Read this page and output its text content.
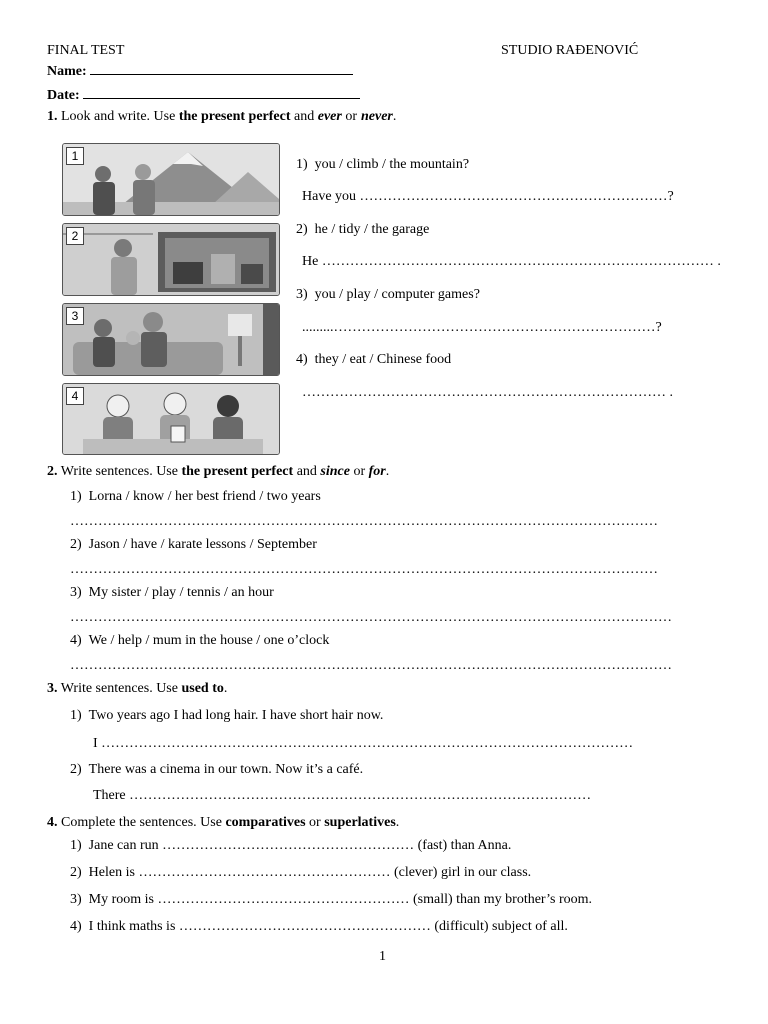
FINAL TEST	STUDIO RAĐENOVIĆ
Name:
Date:
1. Look and write. Use the present perfect and ever or never.
1
2
3
4
1) you / climb / the mountain?
Have you …………………………………………………………?
2) he / tidy / the garage
He ………………………………………………………………………… .
3) you / play / computer games?
.........……………………………………………………………?
4) they / eat / Chinese food
…………………………………………………………………… .
2. Write sentences. Use the present perfect and since or for.
1) Lorna / know / her best friend / two years
………………………………………………………………………………………………………………
2) Jason / have / karate lessons / September
………………………………………………………………………………………………………………
3) My sister / play / tennis / an hour
…………………………………………………………………………………………………………………
4) We / help / mum in the house / one o’clock
…………………………………………………………………………………………………………………
3. Write sentences. Use used to.
1) Two years ago I had long hair. I have short hair now.
I ……………………………………………………………………………………………………
2) There was a cinema in our town. Now it’s a café.
There ………………………………………………………………………………………
4. Complete the sentences. Use comparatives or superlatives.
1) Jane can run ……………………………………………… (fast) than Anna.
2) Helen is ……………………………………………… (clever) girl in our class.
3) My room is ……………………………………………… (small) than my brother’s room.
4) I think maths is ……………………………………………… (difficult) subject of all.
1
